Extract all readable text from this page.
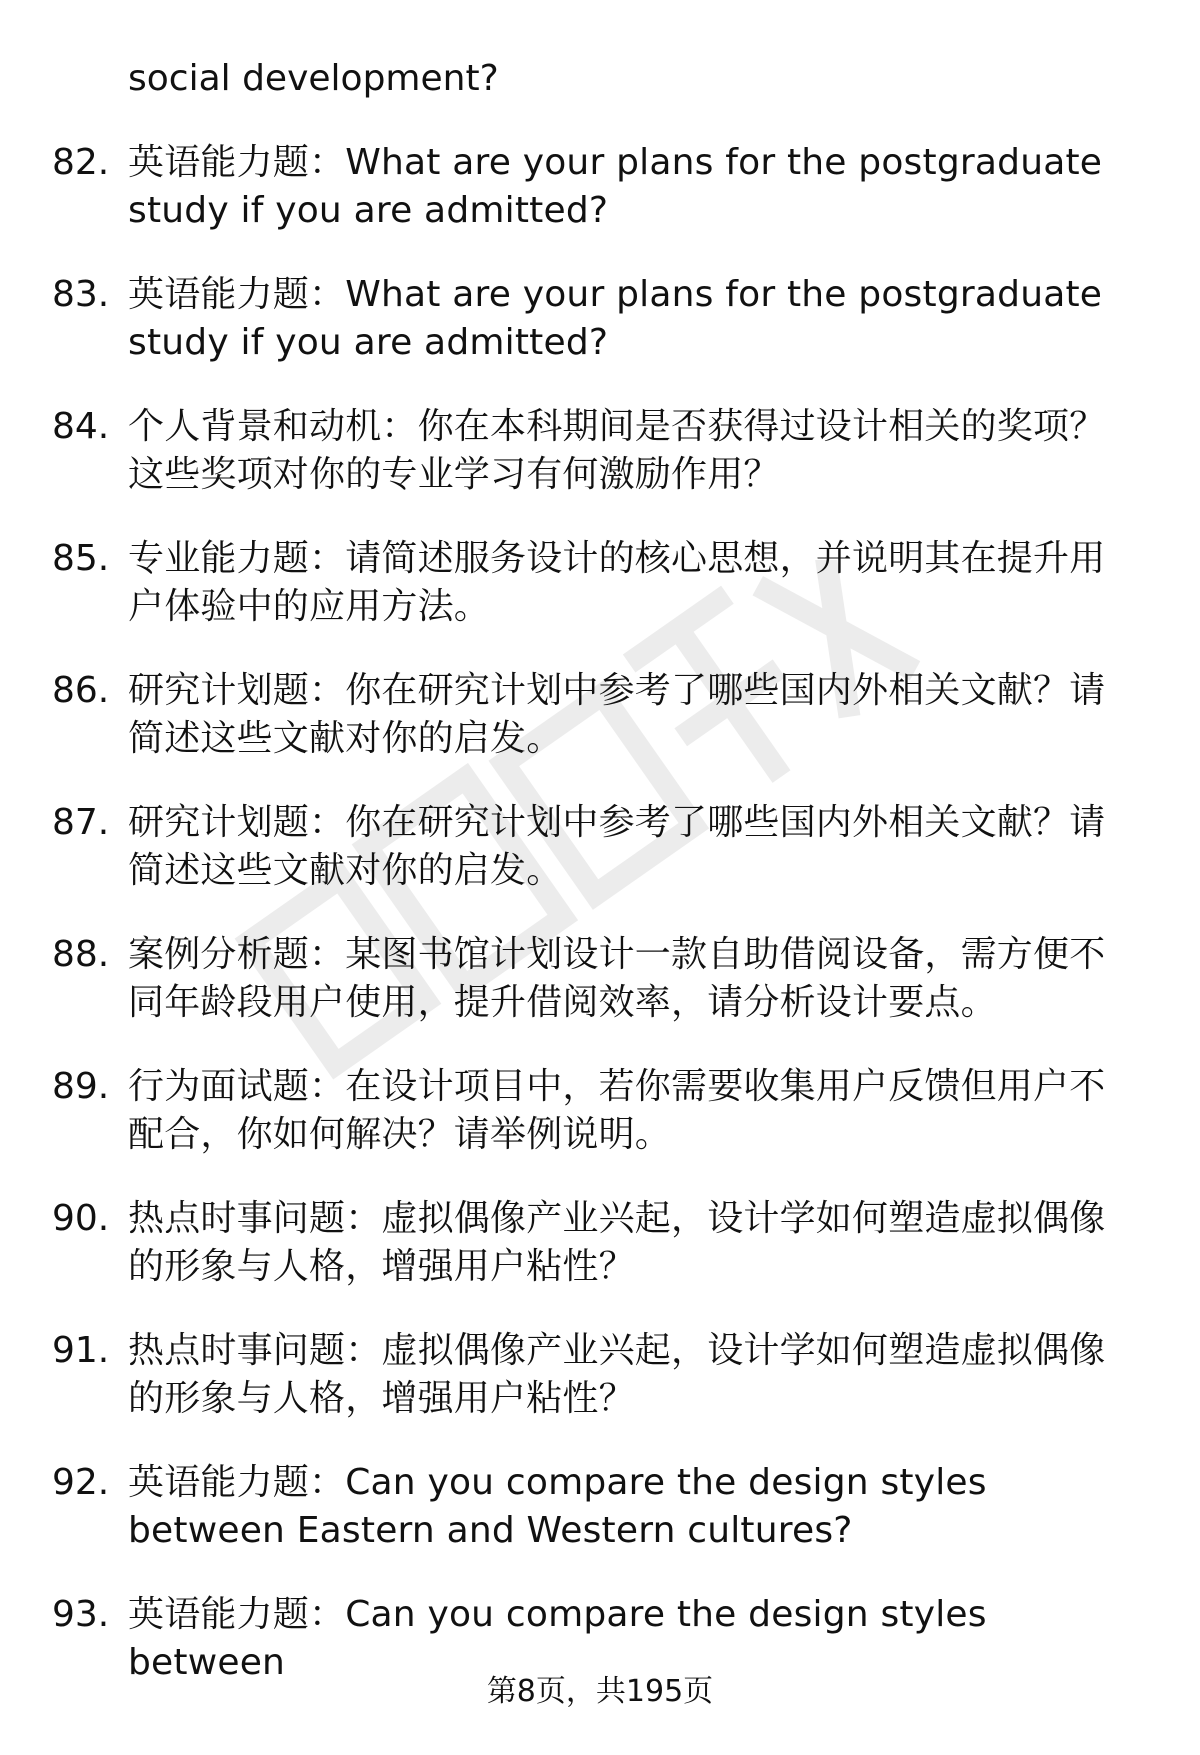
social development?
82. 英语能力题：What are your plans for the postgraduate study if you are admitted?
83. 英语能力题：What are your plans for the postgraduate study if you are admitted?
84. 个人背景和动机：你在本科期间是否获得过设计相关的奖项？这些奖项对你的专业学习有何激励作用？
85. 专业能力题：请简述服务设计的核心思想，并说明其在提升用户体验中的应用方法。
86. 研究计划题：你在研究计划中参考了哪些国内外相关文献？请简述这些文献对你的启发。
87. 研究计划题：你在研究计划中参考了哪些国内外相关文献？请简述这些文献对你的启发。
88. 案例分析题：某图书馆计划设计一款自助借阅设备，需方便不同年龄段用户使用，提升借阅效率，请分析设计要点。
89. 行为面试题：在设计项目中，若你需要收集用户反馈但用户不配合，你如何解决？请举例说明。
90. 热点时事问题：虚拟偶像产业兴起，设计学如何塑造虚拟偶像的形象与人格，增强用户粘性？
91. 热点时事问题：虚拟偶像产业兴起，设计学如何塑造虚拟偶像的形象与人格，增强用户粘性？
92. 英语能力题：Can you compare the design styles between Eastern and Western cultures?
93. 英语能力题：Can you compare the design styles between
第8页，共195页
